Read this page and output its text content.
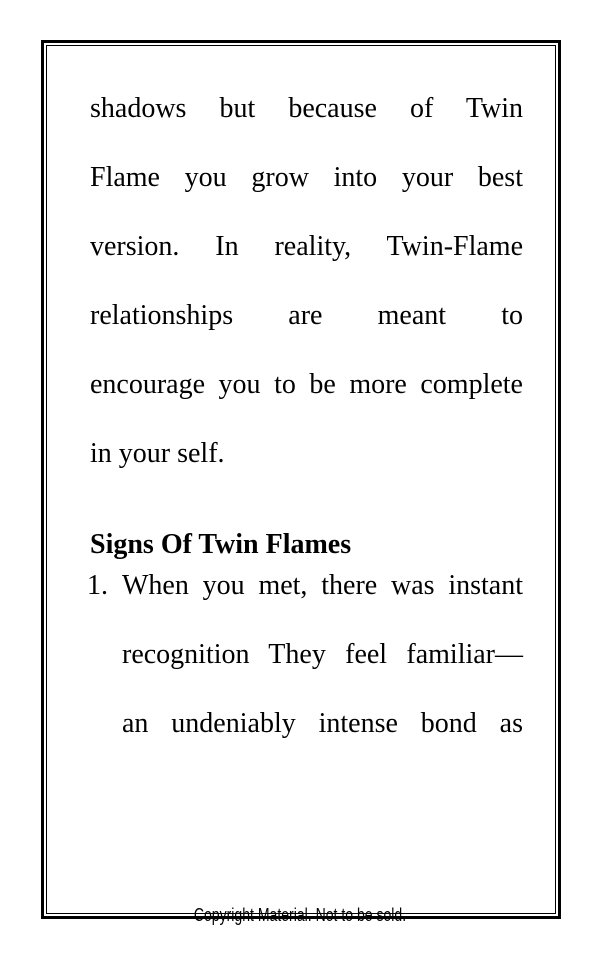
shadows but because of Twin
Flame you grow into your best
version. In reality, Twin-Flame
relationships are meant to
encourage you to be more complete
in your self.
Signs Of Twin Flames
1. When you met, there was instant
recognition They feel familiar—
an undeniably intense bond as
Copyright Material. Not to be sold.
